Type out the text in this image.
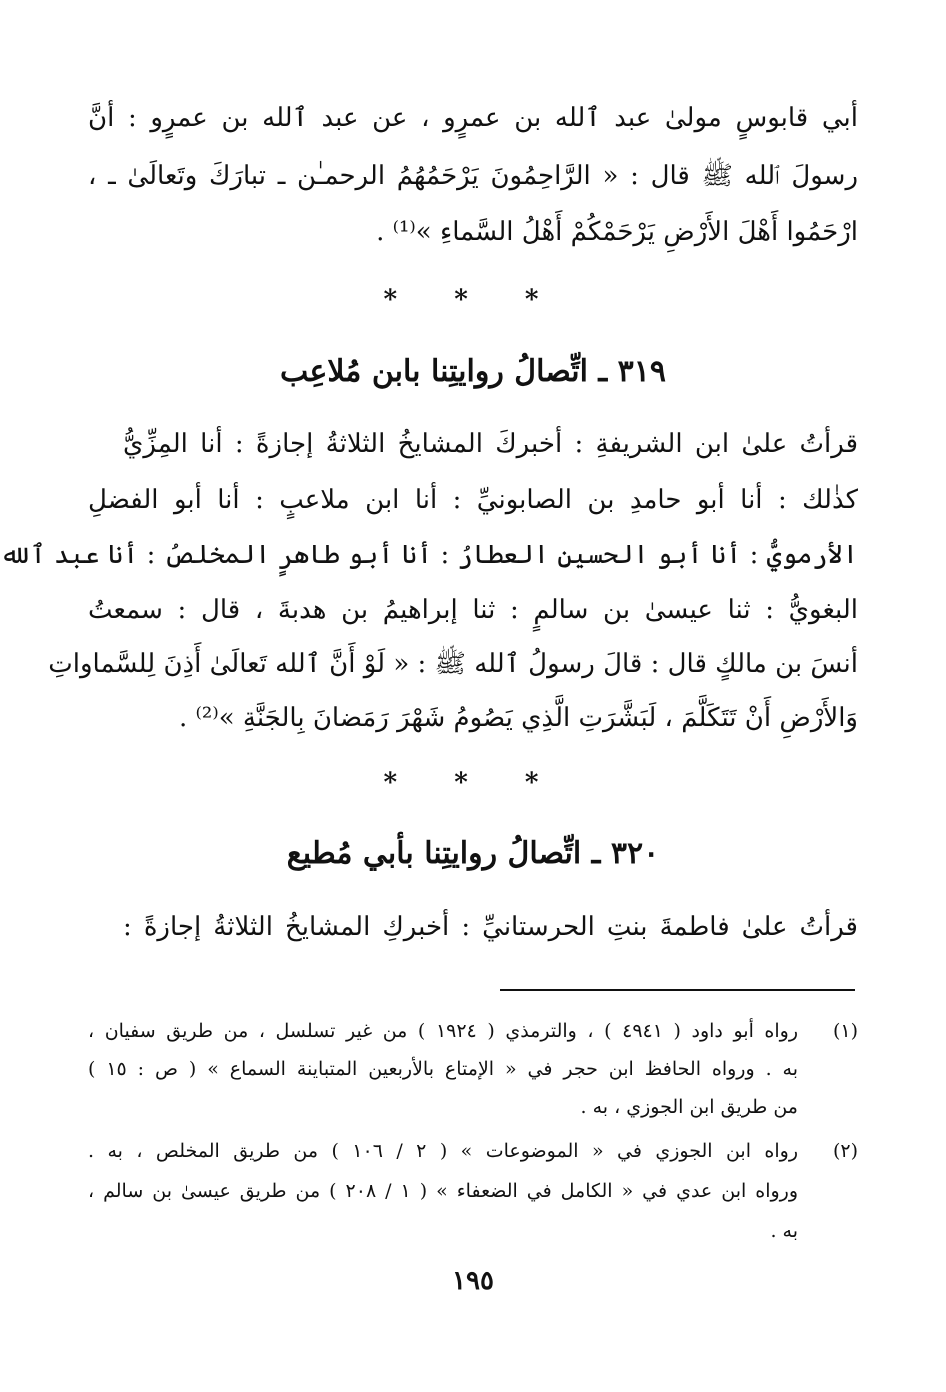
أبي قابوسٍ مولىٰ عبد ٱلله بن عمرٍو ، عن عبد ٱلله بن عمرٍو : أنَّ
رسولَ ٱلله ﷺ قال : « الرَّاحِمُونَ يَرْحَمُهُمُ الرحمـٰن ـ تبارَكَ وتَعالَىٰ ـ ،
ارْحَمُوا أَهْلَ الأَرْضِ يَرْحَمْكُمْ أَهْلُ السَّماءِ »⁽¹⁾ .
* * *
٣١٩ ـ اتِّصالُ روايتِنا بابن مُلاعِب
قرأتُ علىٰ ابن الشريفةِ : أخبركَ المشايخُ الثلاثةُ إجازةً : أنا المِزِّيُّ
كذٰلك : أنا أبو حامدِ بن الصابونيِّ : أنا ابن ملاعبٍ : أنا أبو الفضلِ
الأرمويُّ : أنا أبو الحسينِ العطارُ : أنا أبو طاهرٍ المخلصُ : أنا عبد ٱلله
البغويُّ : ثنا عيسىٰ بن سالمٍ : ثنا إبراهيمُ بن هدبةَ ، قال : سمعتُ
أنسَ بن مالكٍ قال : قالَ رسولُ ٱلله ﷺ : « لَوْ أَنَّ ٱلله تَعالَىٰ أَذِنَ لِلسَّماواتِ
وَالأَرْضِ أَنْ تَتَكَلَّمَ ، لَبَشَّرَتِ الَّذِي يَصُومُ شَهْرَ رَمَضانَ بِالجَنَّةِ »⁽²⁾ .
* * *
٣٢٠ ـ اتِّصالُ روايتِنا بأبي مُطيع
قرأتُ علىٰ فاطمةَ بنتِ الحرستانيِّ : أخبركِ المشايخُ الثلاثةُ إجازةً :
(١)
رواه أبو داود ( ٤٩٤١ ) ، والترمذي ( ١٩٢٤ ) من غير تسلسل ، من طريق سفيان ،
به . ورواه الحافظ ابن حجر في « الإمتاع بالأربعين المتباينة السماع » ( ص : ١٥ )
من طريق ابن الجوزي ، به .
(٢)
رواه ابن الجوزي في « الموضوعات » ( ٢ / ١٠٦ ) من طريق المخلص ، به .
ورواه ابن عدي في « الكامل في الضعفاء » ( ١ / ٢٠٨ ) من طريق عيسىٰ بن سالم ،
به .
١٩٥
